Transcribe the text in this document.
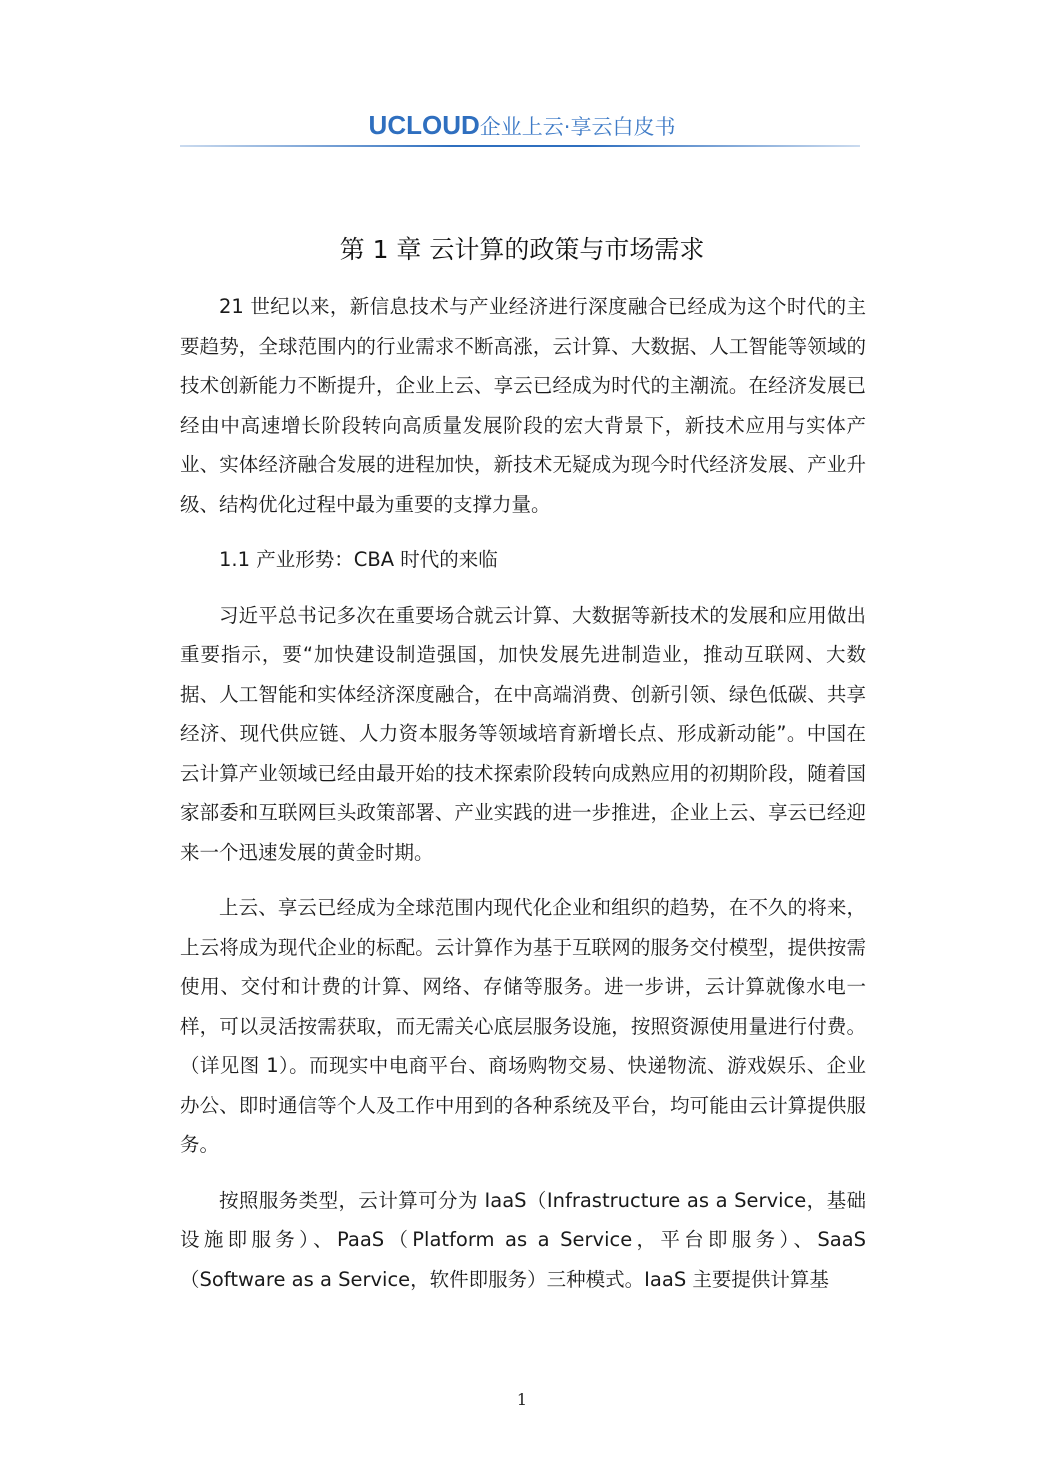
UCLOUD企业上云·享云白皮书
第 1 章 云计算的政策与市场需求

21 世纪以来，新信息技术与产业经济进行深度融合已经成为这个时代的主要趋势，全球范围内的行业需求不断高涨，云计算、大数据、人工智能等领域的技术创新能力不断提升，企业上云、享云已经成为时代的主潮流。在经济发展已经由中高速增长阶段转向高质量发展阶段的宏大背景下，新技术应用与实体产业、实体经济融合发展的进程加快，新技术无疑成为现今时代经济发展、产业升级、结构优化过程中最为重要的支撑力量。

1.1 产业形势：CBA 时代的来临

习近平总书记多次在重要场合就云计算、大数据等新技术的发展和应用做出重要指示，要“加快建设制造强国，加快发展先进制造业，推动互联网、大数据、人工智能和实体经济深度融合，在中高端消费、创新引领、绿色低碳、共享经济、现代供应链、人力资本服务等领域培育新增长点、形成新动能”。中国在云计算产业领域已经由最开始的技术探索阶段转向成熟应用的初期阶段，随着国家部委和互联网巨头政策部署、产业实践的进一步推进，企业上云、享云已经迎来一个迅速发展的黄金时期。

上云、享云已经成为全球范围内现代化企业和组织的趋势，在不久的将来，上云将成为现代企业的标配。云计算作为基于互联网的服务交付模型，提供按需使用、交付和计费的计算、网络、存储等服务。进一步讲，云计算就像水电一样，可以灵活按需获取，而无需关心底层服务设施，按照资源使用量进行付费。（详见图 1）。而现实中电商平台、商场购物交易、快递物流、游戏娱乐、企业办公、即时通信等个人及工作中用到的各种系统及平台，均可能由云计算提供服务。

按照服务类型，云计算可分为 IaaS（Infrastructure as a Service，基础设施即服务）、PaaS（Platform as a Service，平台即服务）、SaaS（Software as a Service，软件即服务）三种模式。IaaS 主要提供计算基

1
